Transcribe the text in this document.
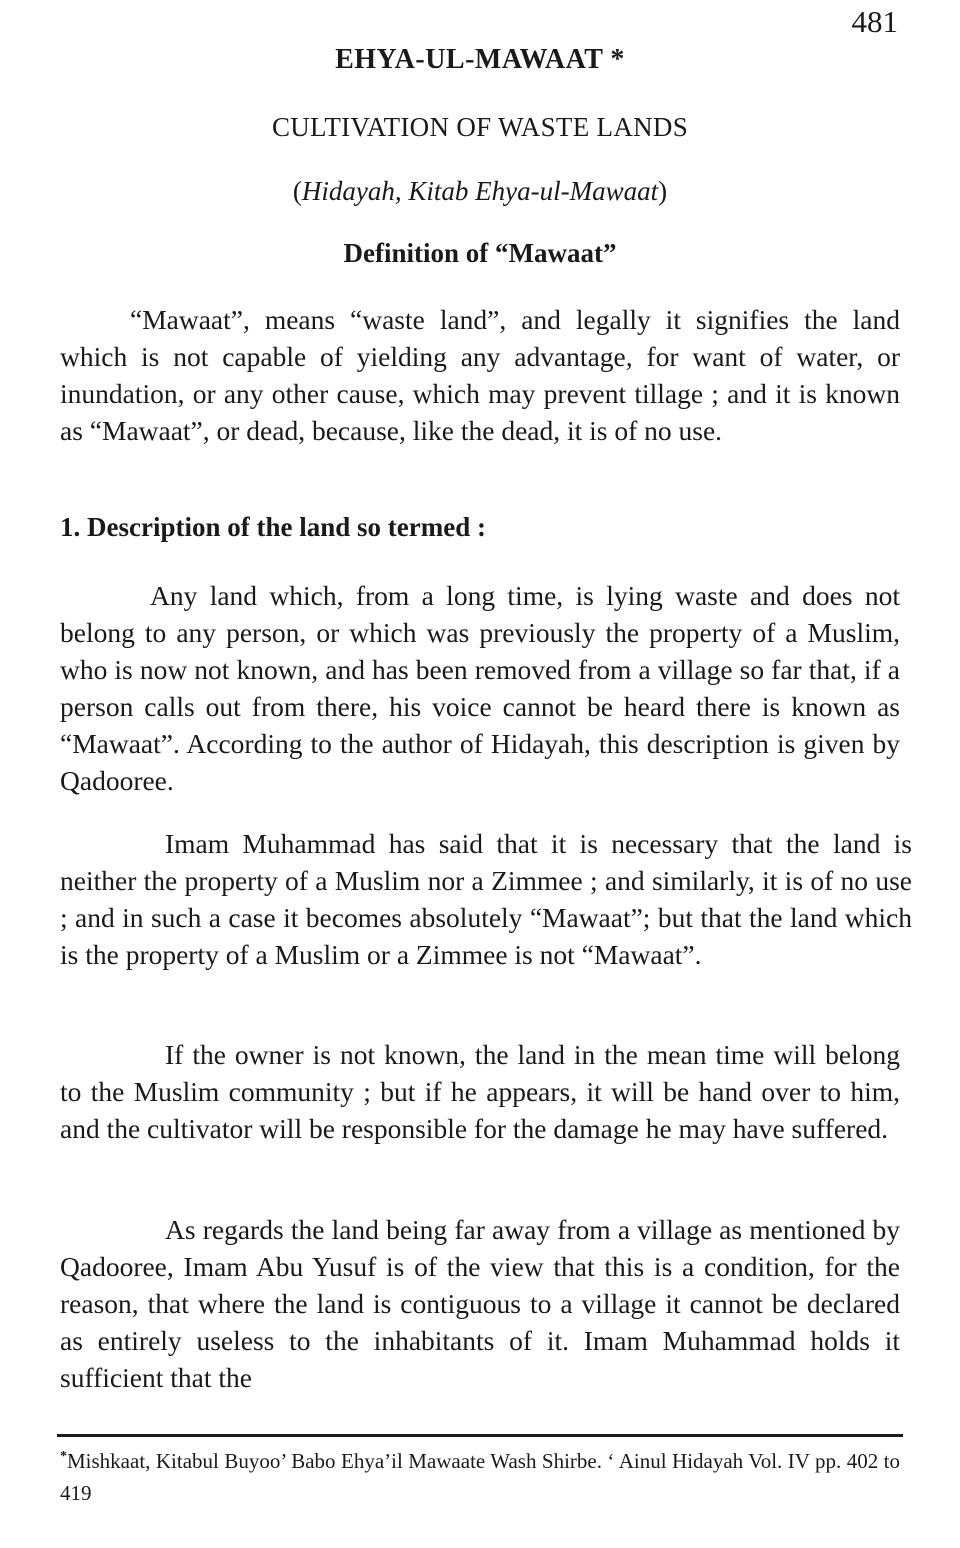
481
EHYA-UL-MAWAAT *
CULTIVATION OF WASTE LANDS
(Hidayah, Kitab Ehya-ul-Mawaat)
Definition of “Mawaat”

“Mawaat”, means “waste land”, and legally it signifies the land which is not capable of yielding any advantage, for want of water, or inundation, or any other cause, which may prevent tillage ; and it is known as “Mawaat”, or dead, because, like the dead, it is of no use.

1. Description of the land so termed :

Any land which, from a long time, is lying waste and does not belong to any person, or which was previously the property of a Muslim, who is now not known, and has been removed from a village so far that, if a person calls out from there, his voice cannot be heard there is known as “Mawaat”. According to the author of Hidayah, this description is given by Qadooree.

Imam Muhammad has said that it is necessary that the land is neither the property of a Muslim nor a Zimmee ; and similarly, it is of no use ; and in such a case it becomes absolutely “Mawaat”; but that the land which is the property of a Muslim or a Zimmee is not “Mawaat”.

If the owner is not known, the land in the mean time will belong to the Muslim community ; but if he appears, it will be hand over to him, and the cultivator will be responsible for the damage he may have suffered.

As regards the land being far away from a village as mentioned by Qadooree, Imam Abu Yusuf is of the view that this is a condition, for the reason, that where the land is contiguous to a village it cannot be declared as entirely useless to the inhabitants of it. Imam Muhammad holds it sufficient that the

*Mishkaat, Kitabul Buyoo’ Babo Ehya’il Mawaate Wash Shirbe. ‘ Ainul Hidayah Vol. IV pp. 402 to 419
